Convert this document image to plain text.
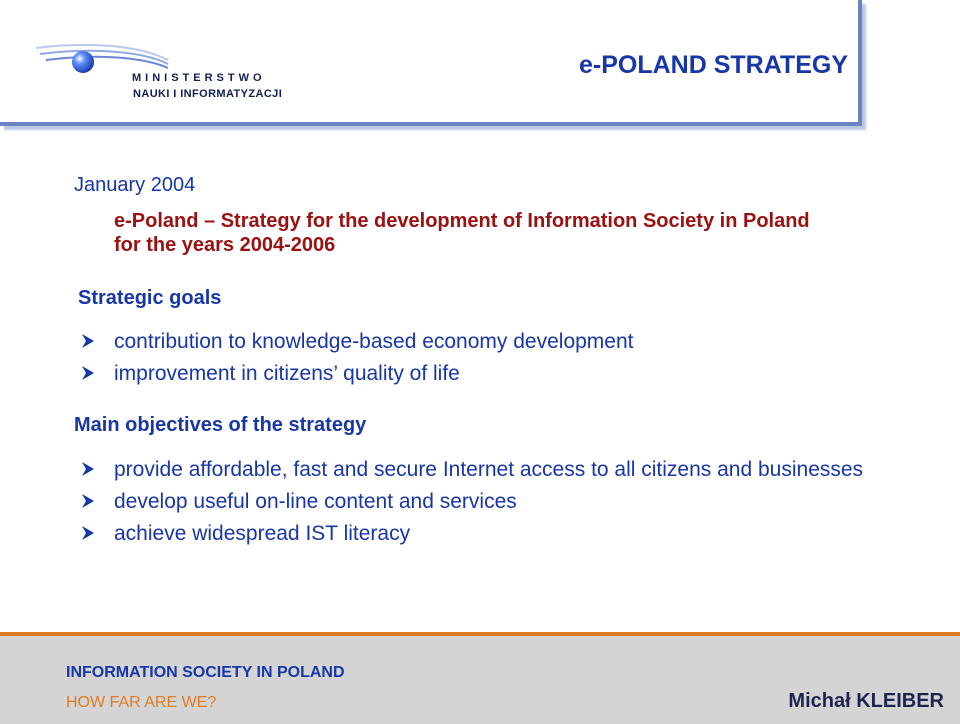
MINISTERSTWO
NAUKI I INFORMATYZACJI
e-POLAND STRATEGY
January 2004
e-Poland – Strategy for the development of Information Society in Poland for the years 2004-2006
Strategic goals
contribution to knowledge-based economy development
improvement in citizens’ quality of life
Main objectives of the strategy
provide affordable, fast and secure Internet access to all citizens and businesses
develop useful on-line content and services
achieve widespread IST literacy
INFORMATION SOCIETY IN POLAND
HOW FAR ARE WE?	Michał KLEIBER
